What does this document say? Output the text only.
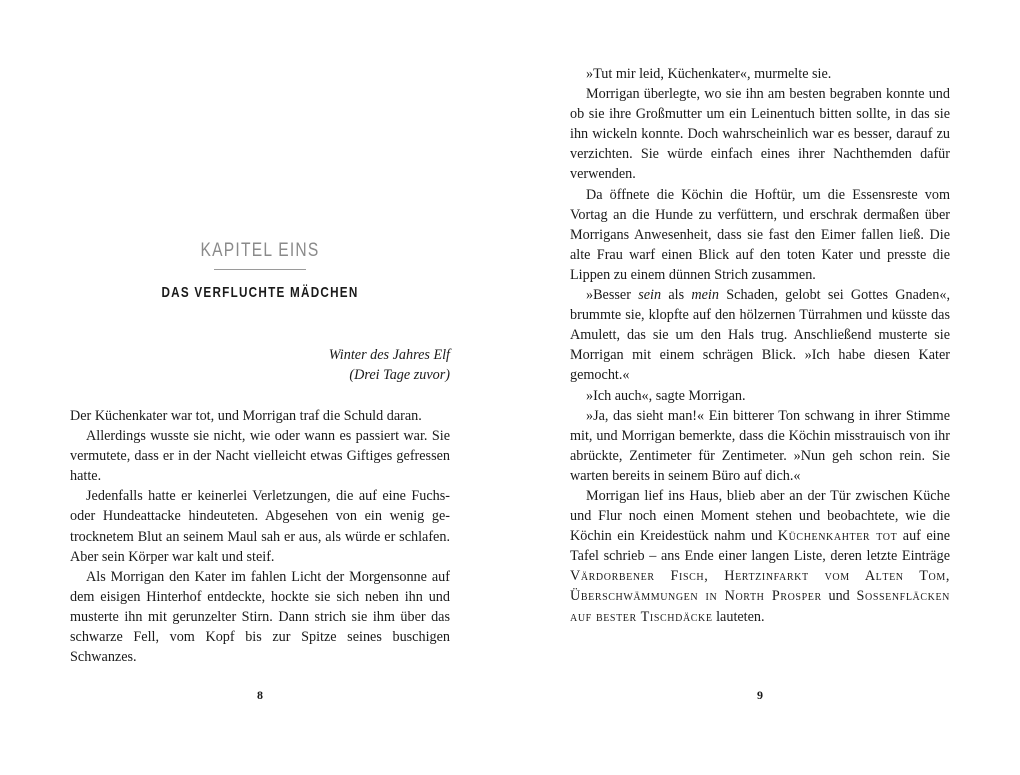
KAPITEL EINS

DAS VERFLUCHTE MÄDCHEN

Winter des Jahres Elf
(Drei Tage zuvor)

Der Küchenkater war tot, und Morrigan traf die Schuld daran.

Allerdings wusste sie nicht, wie oder wann es passiert war. Sie vermutete, dass er in der Nacht vielleicht etwas Giftiges gefressen hatte.

Jedenfalls hatte er keinerlei Verletzungen, die auf eine Fuchs- oder Hundeattacke hindeuteten. Abgesehen von ein wenig getrocknetem Blut an seinem Maul sah er aus, als würde er schlafen. Aber sein Körper war kalt und steif.

Als Morrigan den Kater im fahlen Licht der Morgensonne auf dem eisigen Hinterhof entdeckte, hockte sie sich neben ihn und musterte ihn mit gerunzelter Stirn. Dann strich sie ihm über das schwarze Fell, vom Kopf bis zur Spitze seines buschigen Schwanzes.

8

»Tut mir leid, Küchenkater«, murmelte sie.

Morrigan überlegte, wo sie ihn am besten begraben konnte und ob sie ihre Großmutter um ein Leinentuch bitten sollte, in das sie ihn wickeln konnte. Doch wahrscheinlich war es besser, darauf zu verzichten. Sie würde einfach eines ihrer Nachthemden dafür verwenden.

Da öffnete die Köchin die Hoftür, um die Essensreste vom Vortag an die Hunde zu verfüttern, und erschrak dermaßen über Morrigans Anwesenheit, dass sie fast den Eimer fallen ließ. Die alte Frau warf einen Blick auf den toten Kater und presste die Lippen zu einem dünnen Strich zusammen.

»Besser sein als mein Schaden, gelobt sei Gottes Gnaden«, brummte sie, klopfte auf den hölzernen Türrahmen und küsste das Amulett, das sie um den Hals trug. Anschließend musterte sie Morrigan mit einem schrägen Blick. »Ich habe diesen Kater gemocht.«

»Ich auch«, sagte Morrigan.

»Ja, das sieht man!« Ein bitterer Ton schwang in ihrer Stimme mit, und Morrigan bemerkte, dass die Köchin misstrauisch von ihr abrückte, Zentimeter für Zentimeter. »Nun geh schon rein. Sie warten bereits in seinem Büro auf dich.«

Morrigan lief ins Haus, blieb aber an der Tür zwischen Küche und Flur noch einen Moment stehen und beobachtete, wie die Köchin ein Kreidestück nahm und Küchenkahter tot auf eine Tafel schrieb – ans Ende einer langen Liste, deren letzte Einträge Värdorbener Fisch, Hertzinfarkt vom Alten Tom, Überschwämmungen in North Prosper und Sossenfläcken auf bester Tischdäcke lauteten.

9
